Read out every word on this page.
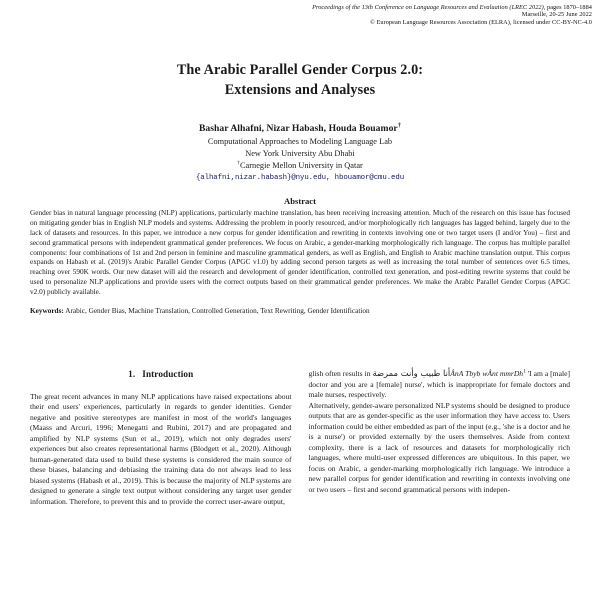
Proceedings of the 13th Conference on Language Resources and Evaluation (LREC 2022), pages 1870–1884
Marseille, 20-25 June 2022
© European Language Resources Association (ELRA), licensed under CC-BY-NC-4.0
The Arabic Parallel Gender Corpus 2.0:
Extensions and Analyses
Bashar Alhafni, Nizar Habash, Houda Bouamor†
Computational Approaches to Modeling Language Lab
New York University Abu Dhabi
†Carnegie Mellon University in Qatar
{alhafni,nizar.habash}@nyu.edu, hbouamor@cmu.edu
Abstract
Gender bias in natural language processing (NLP) applications, particularly machine translation, has been receiving increasing attention. Much of the research on this issue has focused on mitigating gender bias in English NLP models and systems. Addressing the problem in poorly resourced, and/or morphologically rich languages has lagged behind, largely due to the lack of datasets and resources. In this paper, we introduce a new corpus for gender identification and rewriting in contexts involving one or two target users (I and/or You) – first and second grammatical persons with independent grammatical gender preferences. We focus on Arabic, a gender-marking morphologically rich language. The corpus has multiple parallel components: four combinations of 1st and 2nd person in feminine and masculine grammatical genders, as well as English, and English to Arabic machine translation output. This corpus expands on Habash et al. (2019)'s Arabic Parallel Gender Corpus (APGC v1.0) by adding second person targets as well as increasing the total number of sentences over 6.5 times, reaching over 590K words. Our new dataset will aid the research and development of gender identification, controlled text generation, and post-editing rewrite systems that could be used to personalize NLP applications and provide users with the correct outputs based on their grammatical gender preferences. We make the Arabic Parallel Gender Corpus (APGC v2.0) publicly available.
Keywords: Arabic, Gender Bias, Machine Translation, Controlled Generation, Text Rewriting, Gender Identification
1. Introduction

The great recent advances in many NLP applications have raised expectations about their end users' experiences, particularly in regards to gender identities. Gender negative and positive stereotypes are manifest in most of the world's languages (Maass and Arcuri, 1996; Menegatti and Rubini, 2017) and are propagated and amplified by NLP systems (Sun et al., 2019), which not only degrades users' experiences but also creates representational harms (Blodgett et al., 2020). Although human-generated data used to build these systems is considered the main source of these biases, balancing and debiasing the training data do not always lead to less biased systems (Habash et al., 2019). This is because the majority of NLP systems are designed to generate a single text output without considering any target user gender information. Therefore, to prevent this and to provide the correct user-aware output,

glish often results in أنا طبيب وأنت ممرضةÂnA Tbyb wÂnt mmrDh$^1$ 'I am a [male] doctor and you are a [female] nurse', which is inappropriate for female doctors and male nurses, respectively.

Alternatively, gender-aware personalized NLP systems should be designed to produce outputs that are as gender-specific as the user information they have access to. Users information could be either embedded as part of the input (e.g., 'she is a doctor and he is a nurse') or provided externally by the users themselves. Aside from context complexity, there is a lack of resources and datasets for morphologically rich languages, where multi-user expressed differences are ubiquitous. In this paper, we focus on Arabic, a gender-marking morphologically rich language. We introduce a new parallel corpus for gender identification and rewriting in contexts involving one or two users – first and second grammatical persons with indepen-
